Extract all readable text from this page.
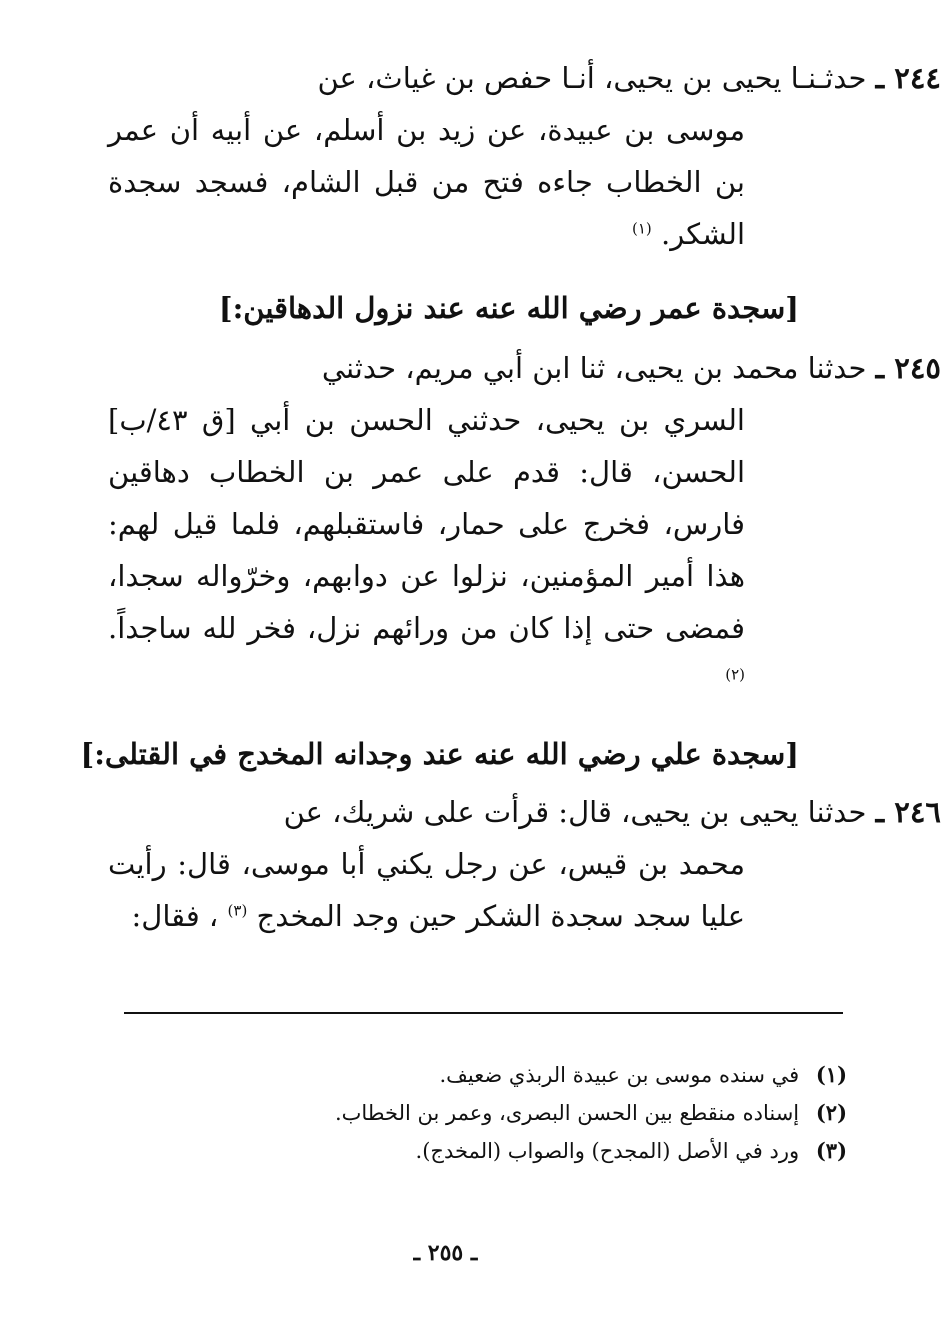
٢٤٤ ـ حدثـنـا يحيى بن يحيى، أنـا حفص بن غياث، عن
موسى بن عبيدة، عن زيد بن أسلم، عن أبيه أن عمر بن الخطاب جاءه فتح من قبل الشام، فسجد سجدة الشكر. $^{(١)}$
[سجدة عمر رضي الله عنه عند نزول الدهاقين:]
٢٤٥ ـ حدثنا محمد بن يحيى، ثنا ابن أبي مريم، حدثني
السري بن يحيى، حدثني الحسن بن أبي [ق ٤٣/ب] الحسن، قال: قدم على عمر بن الخطاب دهاقين فارس، فخرج على حمار، فاستقبلهم، فلما قيل لهم: هذا أمير المؤمنين، نزلوا عن دوابهم، وخرّواله سجدا، فمضى حتى إذا كان من ورائهم نزل، فخر لله ساجداً. $^{(٢)}$
[سجدة علي رضي الله عنه عند وجدانه المخدج في القتلى:]
٢٤٦ ـ حدثنا يحيى بن يحيى، قال: قرأت على شريك، عن
محمد بن قيس، عن رجل يكني أبا موسى، قال: رأيت عليا سجد سجدة الشكر حين وجد المخدج $^{(٣)}$ ، فقال:
(١) في سنده موسى بن عبيدة الربذي ضعيف.
(٢) إسناده منقطع بين الحسن البصرى، وعمر بن الخطاب.
(٣) ورد في الأصل (المجدح) والصواب (المخدج).
ـ ٢٥٥ ـ
